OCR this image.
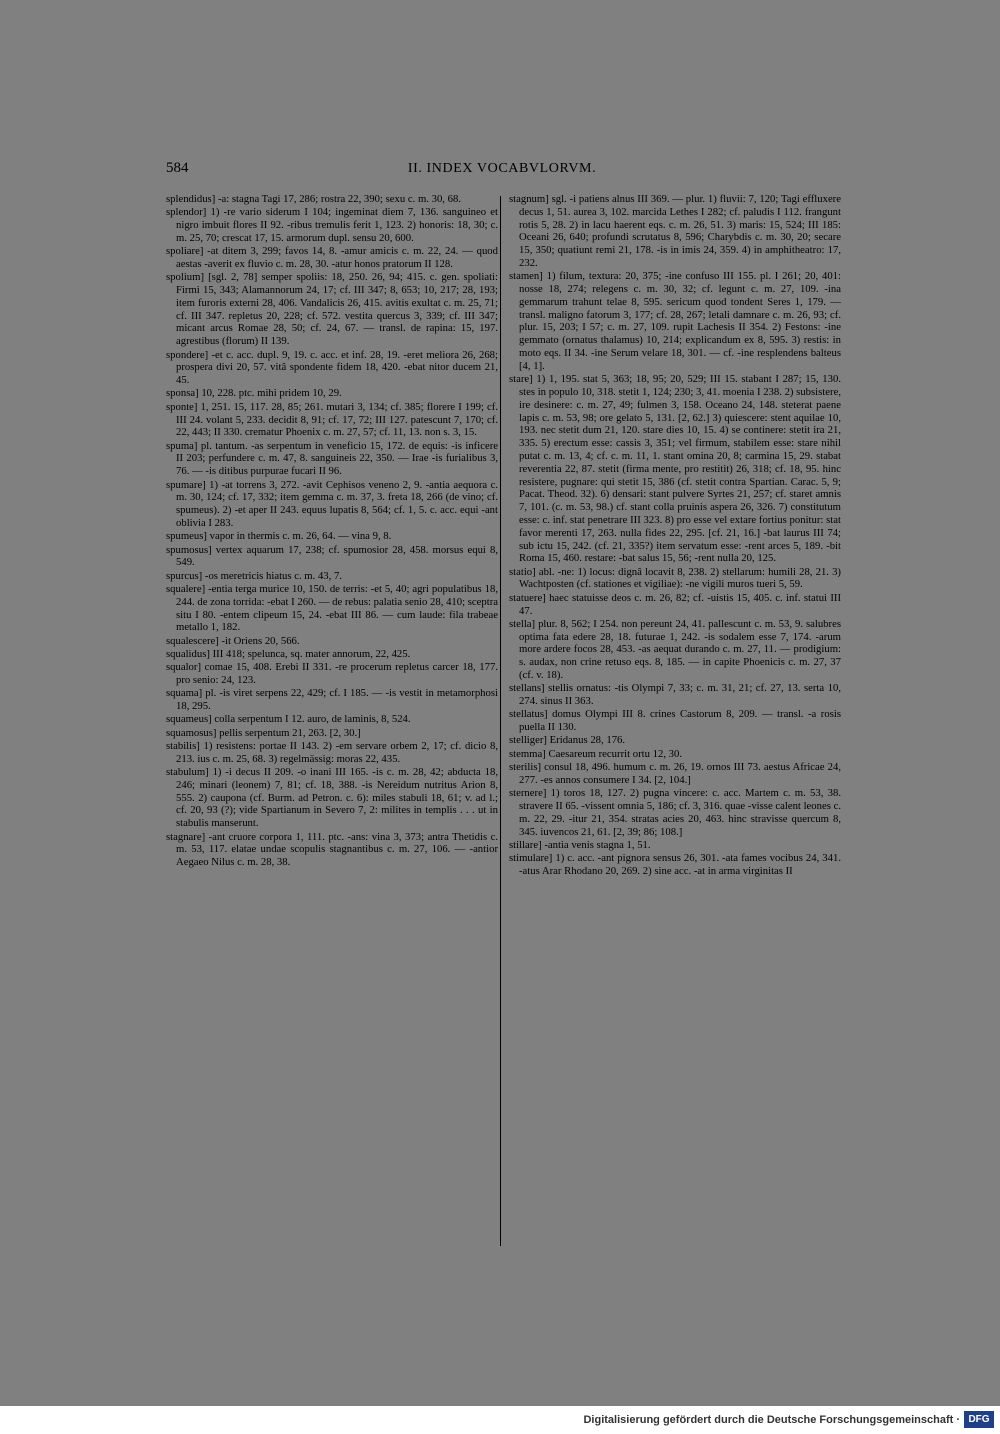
584	II. INDEX VOCABVLORVM.
splendidus] -a: stagna Tagi 17, 286; rostra 22, 390; sexu c. m. 30, 68.
splendor] 1) -re vario siderum I 104; ingeminat diem 7, 136. sanguineo et nigro imbuit flores II 92. -ribus tremulis ferit 1, 123. 2) honoris: 18, 30; c. m. 25, 70; crescat 17, 15. armorum dupl. sensu 20, 600.
spoliare] -at ditem 3, 299; favos 14, 8. -amur amicis c. m. 22, 24. — quod aestas -averit ex fluvio c. m. 28, 30. -atur honos pratorum II 128.
spolium] [sgl. 2, 78] semper spoliis: 18, 250. 26, 94; 415. c. gen. spoliati: Firmi 15, 343; Alamannorum 24, 17; cf. III 347; 8, 653; 10, 217; 28, 193; item furoris externi 28, 406. Vandalicis 26, 415. avitis exultat c. m. 25, 71; cf. III 347. repletus 20, 228; cf. 572. vestita quercus 3, 339; cf. III 347; micant arcus Romae 28, 50; cf. 24, 67. — transl. de rapina: 15, 197. agrestibus (florum) II 139.
spondere] -et c. acc. dupl. 9, 19. c. acc. et inf. 28, 19. -eret meliora 26, 268; prospera divi 20, 57. vitâ spondente fidem 18, 420. -ebat nitor ducem 21, 45.
sponsa] 10, 228. ptc. mihi pridem 10, 29.
sponte] 1, 251. 15, 117. 28, 85; 261. mutari 3, 134; cf. 385; florere I 199; cf. III 24. volant 5, 233. decidit 8, 91; cf. 17, 72; III 127. patescunt 7, 170; cf. 22, 443; II 330. crematur Phoenix c. m. 27, 57; cf. 11, 13. non s. 3, 15.
spuma] pl. tantum. -as serpentum in veneficio 15, 172. de equis: -is inficere II 203; perfundere c. m. 47, 8. sanguineis 22, 350. — Irae -is furialibus 3, 76. — -is ditibus purpurae fucari II 96.
spumare] 1) -at torrens 3, 272. -avit Cephisos veneno 2, 9. -antia aequora c. m. 30, 124; cf. 17, 332; item gemma c. m. 37, 3. freta 18, 266 (de vino; cf. spumeus). 2) -et aper II 243. equus lupatis 8, 564; cf. 1, 5. c. acc. equi -ant oblivia I 283.
spumeus] vapor in thermis c. m. 26, 64. — vina 9, 8.
spumosus] vertex aquarum 17, 238; cf. spumosior 28, 458. morsus equi 8, 549.
spurcus] -os meretricis hiatus c. m. 43, 7.
squalere] -entia terga murice 10, 150. de terris: -et 5, 40; agri populatibus 18, 244. de zona torrida: -ebat I 260. — de rebus: palatia senio 28, 410; sceptra situ I 80. -entem clipeum 15, 24. -ebat III 86. — cum laude: fila trabeae metallo 1, 182.
squalescere] -it Oriens 20, 566.
squalidus] III 418; spelunca, sq. mater annorum, 22, 425.
squalor] comae 15, 408. Erebi II 331. -re procerum repletus carcer 18, 177. pro senio: 24, 123.
squama] pl. -is viret serpens 22, 429; cf. I 185. — -is vestit in metamorphosi 18, 295.
squameus] colla serpentum I 12. auro, de laminis, 8, 524.
squamosus] pellis serpentum 21, 263. [2, 30.]
stabilis] 1) resistens: portae II 143. 2) -em servare orbem 2, 17; cf. dicio 8, 213. ius c. m. 25, 68. 3) regelmässig: moras 22, 435.
stabulum] 1) -i decus II 209. -o inani III 165. -is c. m. 28, 42; abducta 18, 246; minari (leonem) 7, 81; cf. 18, 388. -is Nereidum nutritus Arion 8, 555. 2) caupona (cf. Burm. ad Petron. c. 6): miles stabuli 18, 61; v. ad l.; cf. 20, 93 (?); vide Spartianum in Severo 7, 2: milites in templis . . . ut in stabulis manserunt.
stagnare] -ant cruore corpora 1, 111. ptc. -ans: vina 3, 373; antra Thetidis c. m. 53, 117. elatae undae scopulis stagnantibus c. m. 27, 106. — -antior Aegaeo Nilus c. m. 28, 38.
stagnum] sgl. -i patiens alnus III 369. — plur. 1) fluvii: 7, 120; Tagi effluxere decus 1, 51. aurea 3, 102. marcida Lethes I 282; cf. paludis I 112. frangunt rotis 5, 28. 2) in lacu haerent eqs. c. m. 26, 51. 3) maris: 15, 524; III 185: Oceani 26, 640; profundi scrutatus 8, 596; Charybdis c. m. 30, 20; secare 15, 350; quatiunt remi 21, 178. -is in imis 24, 359. 4) in amphitheatro: 17, 232.
stamen] 1) filum, textura: 20, 375; -ine confuso III 155. pl. I 261; 20, 401: nosse 18, 274; relegens c. m. 30, 32; cf. legunt c. m. 27, 109. -ina gemmarum trahunt telae 8, 595. sericum quod tondent Seres 1, 179. — transl. maligno fatorum 3, 177; cf. 28, 267; letali damnare c. m. 26, 93; cf. plur. 15, 203; I 57; c. m. 27, 109. rupit Lachesis II 354. 2) Festons: -ine gemmato (ornatus thalamus) 10, 214; explicandum ex 8, 595. 3) restis: in moto eqs. II 34. -ine Serum velare 18, 301. — cf. -ine resplendens balteus [4, 1].
stare] 1) 1, 195. stat 5, 363; 18, 95; 20, 529; III 15. stabant I 287; 15, 130. stes in populo 10, 318. stetit 1, 124; 230; 3, 41. moenia I 238. 2) subsistere, ire desinere: c. m. 27, 49; fulmen 3, 158. Oceano 24, 148. steterat paene lapis c. m. 53, 98; ore gelato 5, 131. [2, 62.] 3) quiescere: stent aquilae 10, 193. nec stetit dum 21, 120. stare dies 10, 15. 4) se continere: stetit ira 21, 335. 5) erectum esse: cassis 3, 351; vel firmum, stabilem esse: stare nihil putat c. m. 13, 4; cf. c. m. 11, 1. stant omina 20, 8; carmina 15, 29. stabat reverentia 22, 87. stetit (firma mente, pro restitit) 26, 318; cf. 18, 95. hinc resistere, pugnare: qui stetit 15, 386 (cf. stetit contra Spartian. Carac. 5, 9; Pacat. Theod. 32). 6) densari: stant pulvere Syrtes 21, 257; cf. staret amnis 7, 101. (c. m. 53, 98.) cf. stant colla pruinis aspera 26, 326. 7) constitutum esse: c. inf. stat penetrare III 323. 8) pro esse vel extare fortius ponitur: stat favor merenti 17, 263. nulla fides 22, 295. [cf. 21, 16.] -bat laurus III 74; sub ictu 15, 242. (cf. 21, 335?) item servatum esse: -rent arces 5, 189. -bit Roma 15, 460. restare: -bat salus 15, 56; -rent nulla 20, 125.
statio] abl. -ne: 1) locus: dignâ locavit 8, 238. 2) stellarum: humili 28, 21. 3) Wachtposten (cf. stationes et vigiliae): -ne vigili muros tueri 5, 59.
statuere] haec statuisse deos c. m. 26, 82; cf. -uistis 15, 405. c. inf. statui III 47.
stella] plur. 8, 562; I 254. non pereunt 24, 41. pallescunt c. m. 53, 9. salubres optima fata edere 28, 18. futurae 1, 242. -is sodalem esse 7, 174. -arum more ardere focos 28, 453. -as aequat durando c. m. 27, 11. — prodigium: s. audax, non crine retuso eqs. 8, 185. — in capite Phoenicis c. m. 27, 37 (cf. v. 18).
stellans] stellis ornatus: -tis Olympi 7, 33; c. m. 31, 21; cf. 27, 13. serta 10, 274. sinus II 363.
stellatus] domus Olympi III 8. crines Castorum 8, 209. — transl. -a rosis puella II 130.
stelliger] Eridanus 28, 176.
stemma] Caesareum recurrit ortu 12, 30.
sterilis] consul 18, 496. humum c. m. 26, 19. ornos III 73. aestus Africae 24, 277. -es annos consumere I 34. [2, 104.]
sternere] 1) toros 18, 127. 2) pugna vincere: c. acc. Martem c. m. 53, 38. stravere II 65. -vissent omnia 5, 186; cf. 3, 316. quae -visse calent leones c. m. 22, 29. -itur 21, 354. stratas acies 20, 463. hinc stravisse quercum 8, 345. iuvencos 21, 61. [2, 39; 86; 108.]
stillare] -antia venis stagna 1, 51.
stimulare] 1) c. acc. -ant pignora sensus 26, 301. -ata fames vocibus 24, 341. -atus Arar Rhodano 20, 269. 2) sine acc. -at in arma virginitas II
Digitalisierung gefördert durch die Deutsche Forschungsgemeinschaft · DFG
